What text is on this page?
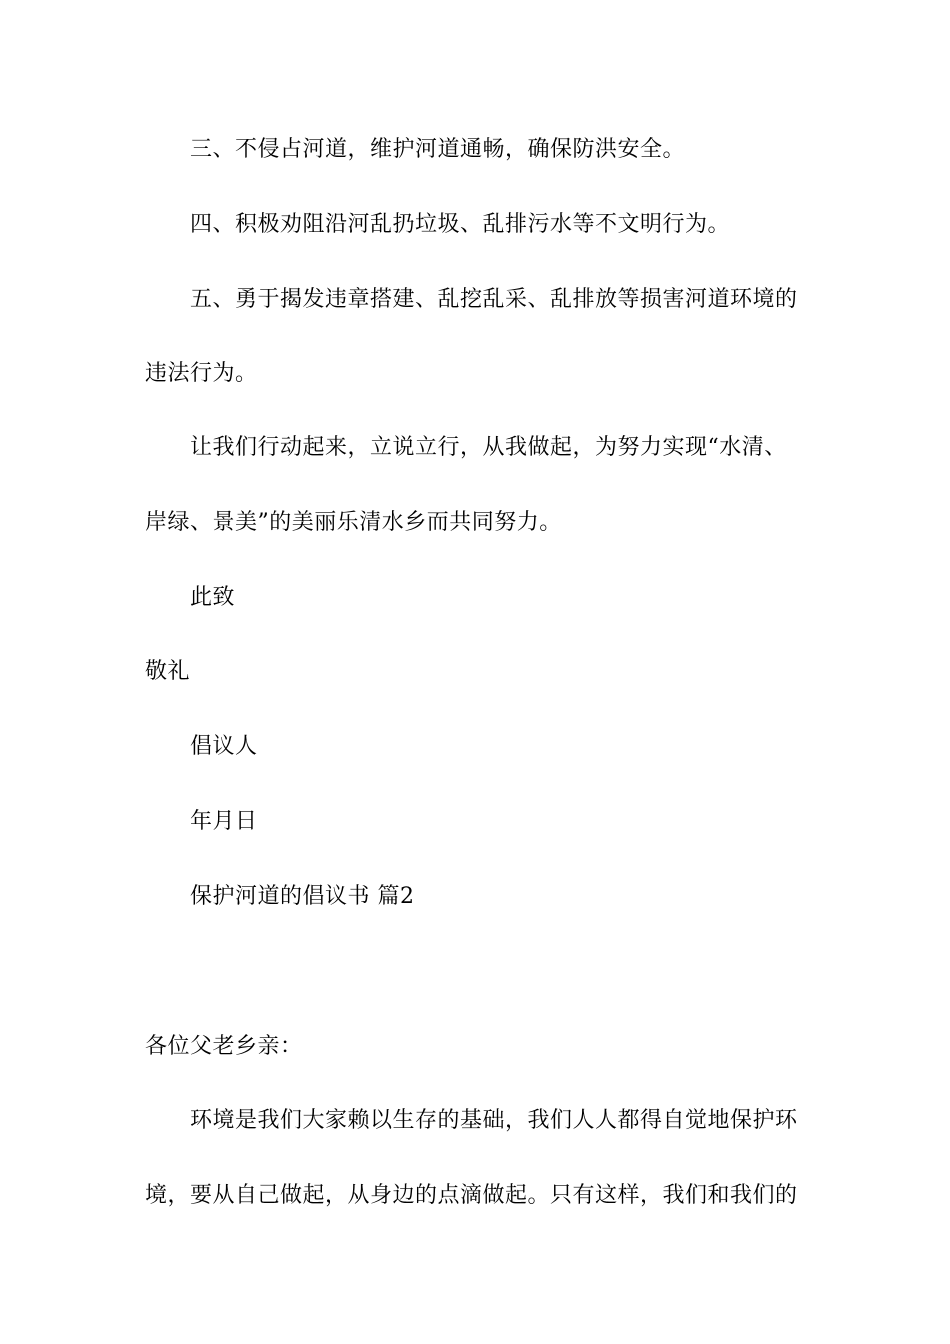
三、不侵占河道，维护河道通畅，确保防洪安全。

四、积极劝阻沿河乱扔垃圾、乱排污水等不文明行为。

五、勇于揭发违章搭建、乱挖乱采、乱排放等损害河道环境的

违法行为。

让我们行动起来，立说立行，从我做起，为努力实现“水清、

岸绿、景美”的美丽乐清水乡而共同努力。

此致

敬礼

倡议人

年月日

保护河道的倡议书 篇2

各位父老乡亲：

环境是我们大家赖以生存的基础，我们人人都得自觉地保护环

境，要从自己做起，从身边的点滴做起。只有这样，我们和我们的
